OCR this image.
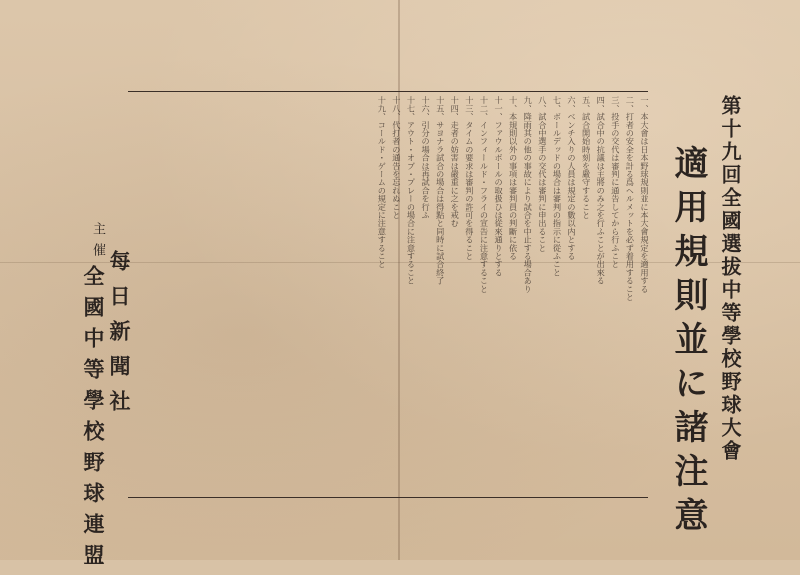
第十九回全國選拔中等學校野球大會
適用規則並に諸注意

一、本大會は日本野球規則並に本大會規定を適用する

二、打者の安全を計る爲ヘルメットを必ず着用すること

三、投手の交代は審判に通告してから行ふこと

四、試合中の抗議は主將のみ之を行ふことが出來る

五、試合開始時刻を嚴守すること

六、ベンチ入りの人員は規定の數以内とする

七、ボールデッドの場合は審判の指示に從ふこと

八、試合中選手の交代は審判に申出ること

九、降雨其の他の事故により試合を中止する場合あり

十、本規則以外の事項は審判員の判斷に依る

十一、ファウルボールの取扱ひは從來通りとする

十二、インフィールド・フライの宣告に注意すること

十三、タイムの要求は審判の許可を得ること

十四、走者の妨害は嚴重に之を戒む

十五、サヨナラ試合の場合は得點と同時に試合終了

十六、引分の場合は再試合を行ふ

十七、アウト・オブ・プレーの場合に注意すること

十八、代打者の通告を忘れぬこと

十九、コールド・ゲームの規定に注意すること

主催
每日新聞社
全國中等學校野球連盟
